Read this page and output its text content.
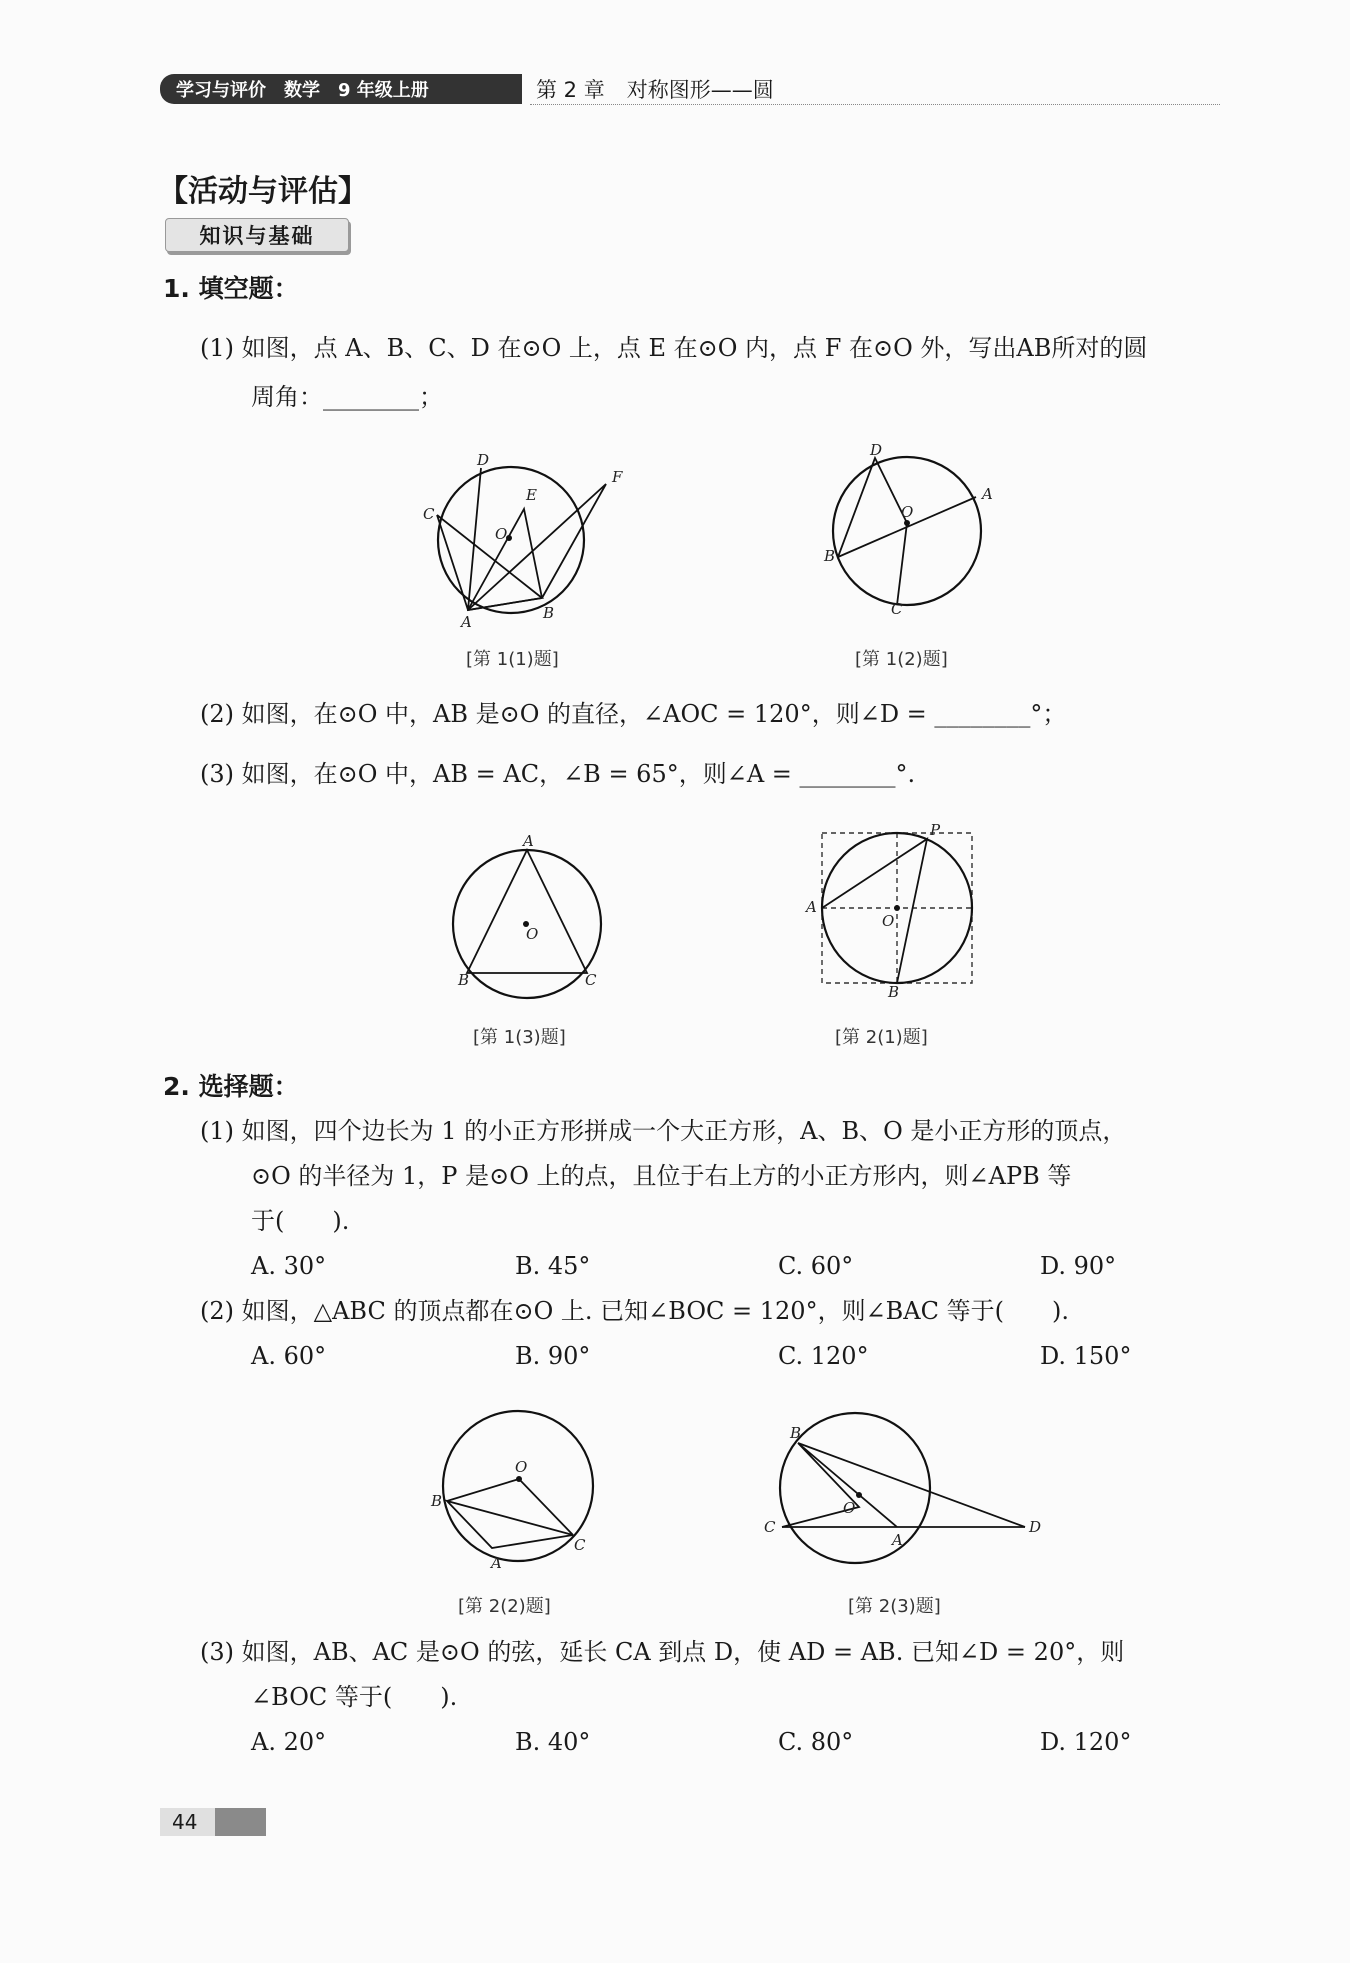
学习与评价 数学 9 年级上册	第 2 章 对称图形——圆
【活动与评估】
知识与基础
1. 填空题：
(1) 如图，点 A、B、C、D 在⊙O 上，点 E 在⊙O 内，点 F 在⊙O 外，写出AB所对的圆
周角：________；
D
E
F
C
O
A	B
[第 1(1)题]
D
A
O
B
C
[第 1(2)题]
(2) 如图，在⊙O 中，AB 是⊙O 的直径，∠AOC = 120°，则∠D = ________°；
(3) 如图，在⊙O 中，AB = AC，∠B = 65°，则∠A = ________°.
A
O
B	C
[第 1(3)题]
P
A
O
B
[第 2(1)题]
2. 选择题：
(1) 如图，四个边长为 1 的小正方形拼成一个大正方形，A、B、O 是小正方形的顶点，
⊙O 的半径为 1，P 是⊙O 上的点，且位于右上方的小正方形内，则∠APB 等
于(　　).
A. 30°	B. 45°	C. 60°	D. 90°
(2) 如图，△ABC 的顶点都在⊙O 上. 已知∠BOC = 120°，则∠BAC 等于(　　).
A. 60°	B. 90°	C. 120°	D. 150°
O
B
C
A
[第 2(2)题]
B
O
C
A
D
[第 2(3)题]
(3) 如图，AB、AC 是⊙O 的弦，延长 CA 到点 D，使 AD = AB. 已知∠D = 20°，则
∠BOC 等于(　　).
A. 20°	B. 40°	C. 80°	D. 120°
44
